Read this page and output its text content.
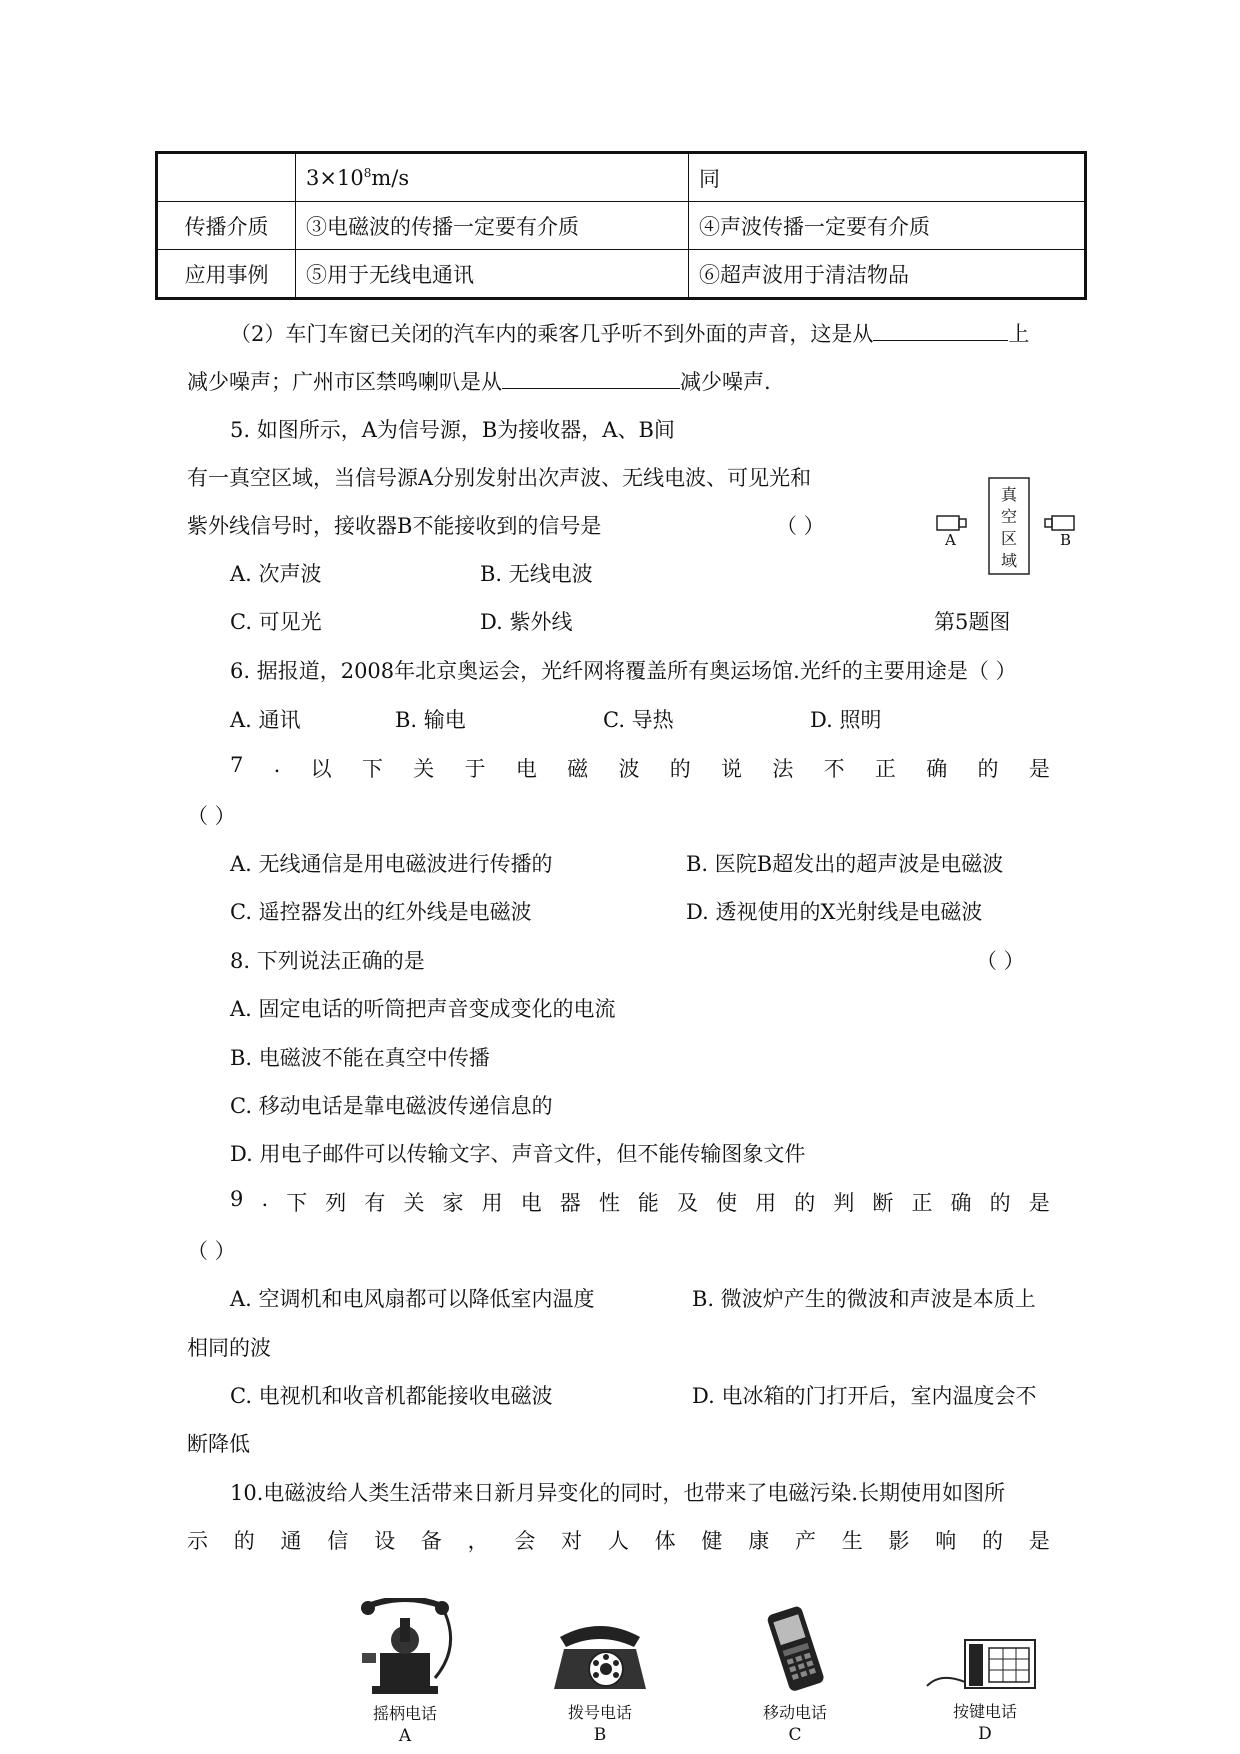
	$3\times 10^8m/s$	同
传播介质	③电磁波的传播一定要有介质	④声波传播一定要有介质
应用事例	⑤用于无线电通讯	⑥超声波用于清洁物品
（2）车门车窗已关闭的汽车内的乘客几乎听不到外面的声音，这是从	上
减少噪声；广州市区禁鸣喇叭是从	减少噪声.
5. 如图所示，A为信号源，B为接收器，A、B间
有一真空区域，当信号源A分别发射出次声波、无线电波、可见光和
紫外线信号时，接收器B不能接收到的信号是	（ ）
A. 次声波	B. 无线电波
C. 可见光	D. 紫外线	第5题图
A	B
真
空
区
域
6. 据报道，2008年北京奥运会，光纤网将覆盖所有奥运场馆.光纤的主要用途是（ ）
A. 通讯	B. 输电	C. 导热	D. 照明
7 . 以 下 关 于 电 磁 波 的 说 法 不 正 确 的 是
（ ）
A. 无线通信是用电磁波进行传播的	B. 医院B超发出的超声波是电磁波
C. 遥控器发出的红外线是电磁波	D. 透视使用的X光射线是电磁波
8. 下列说法正确的是	（ ）
A. 固定电话的听筒把声音变成变化的电流
B. 电磁波不能在真空中传播
C. 移动电话是靠电磁波传递信息的
D. 用电子邮件可以传输文字、声音文件，但不能传输图象文件
9 . 下 列 有 关 家 用 电 器 性 能 及 使 用 的 判 断 正 确 的 是
（ ）
A. 空调机和电风扇都可以降低室内温度	B. 微波炉产生的微波和声波是本质上
相同的波
C. 电视机和收音机都能接收电磁波	D. 电冰箱的门打开后，室内温度会不
断降低
10.电磁波给人类生活带来日新月异变化的同时，也带来了电磁污染.长期使用如图所
示 的 通 信 设 备 ， 会 对 人 体 健 康 产 生 影 响 的 是
摇柄电话
A
拨号电话
B
移动电话
C
按键电话
D
